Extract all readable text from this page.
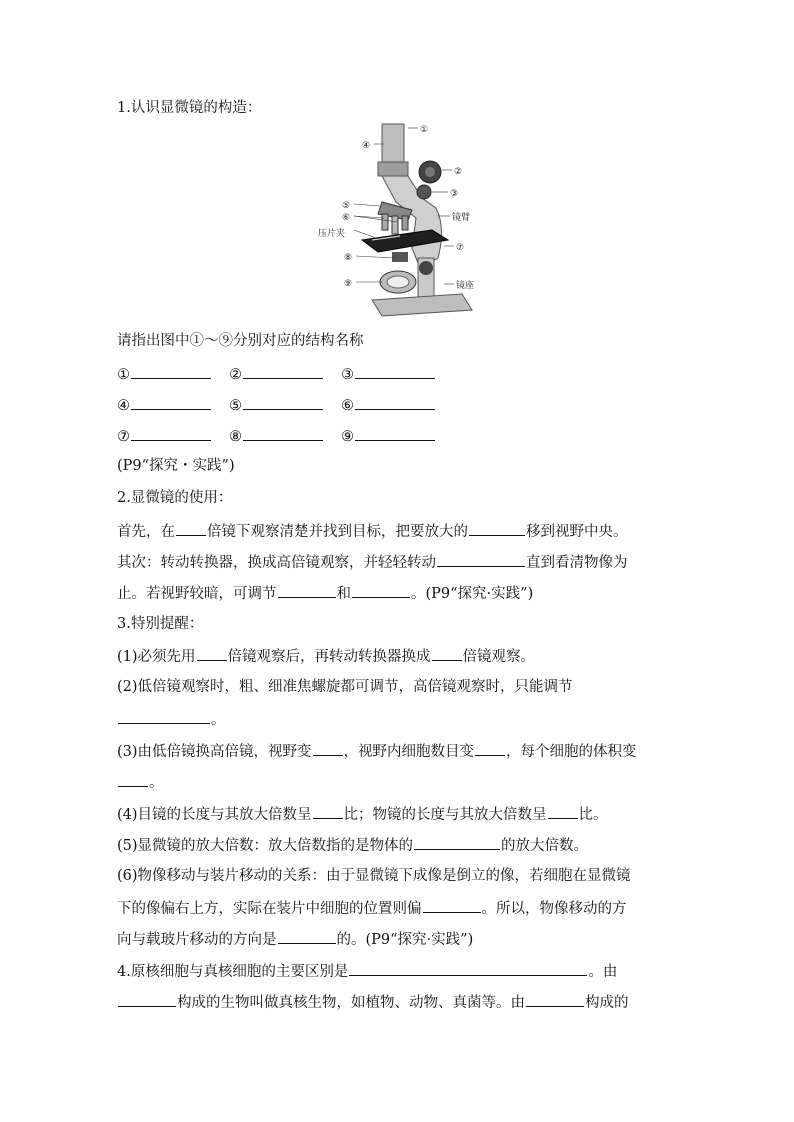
1.认识显微镜的构造：
④
①
②
③
⑤
⑥
压片夹
镜臂
⑦
⑧
⑨	镜座
请指出图中①～⑨分别对应的结构名称
①	②	③
④	⑤	⑥
⑦	⑧	⑨
(P9“探究・实践”)
2.显微镜的使用：
首先，在 倍镜下观察清楚并找到目标，把要放大的	移到视野中央。
其次：转动转换器，换成高倍镜观察，并轻轻转动	直到看清物像为
止。若视野较暗，可调节	和	。(P9“探究·实践”)
3.特别提醒：
(1)必须先用 倍镜观察后，再转动转换器换成 倍镜观察。
(2)低倍镜观察时，粗、细准焦螺旋都可调节，高倍镜观察时，只能调节
。
(3)由低倍镜换高倍镜，视野变 ，视野内细胞数目变 ，每个细胞的体积变
。
(4)目镜的长度与其放大倍数呈 比；物镜的长度与其放大倍数呈 比。
(5)显微镜的放大倍数：放大倍数指的是物体的	的放大倍数。
(6)物像移动与装片移动的关系：由于显微镜下成像是倒立的像，若细胞在显微镜
下的像偏右上方，实际在装片中细胞的位置则偏	。所以，物像移动的方
向与载玻片移动的方向是	的。(P9“探究·实践”)
4.原核细胞与真核细胞的主要区别是	。由
构成的生物叫做真核生物，如植物、动物、真菌等。由	构成的
